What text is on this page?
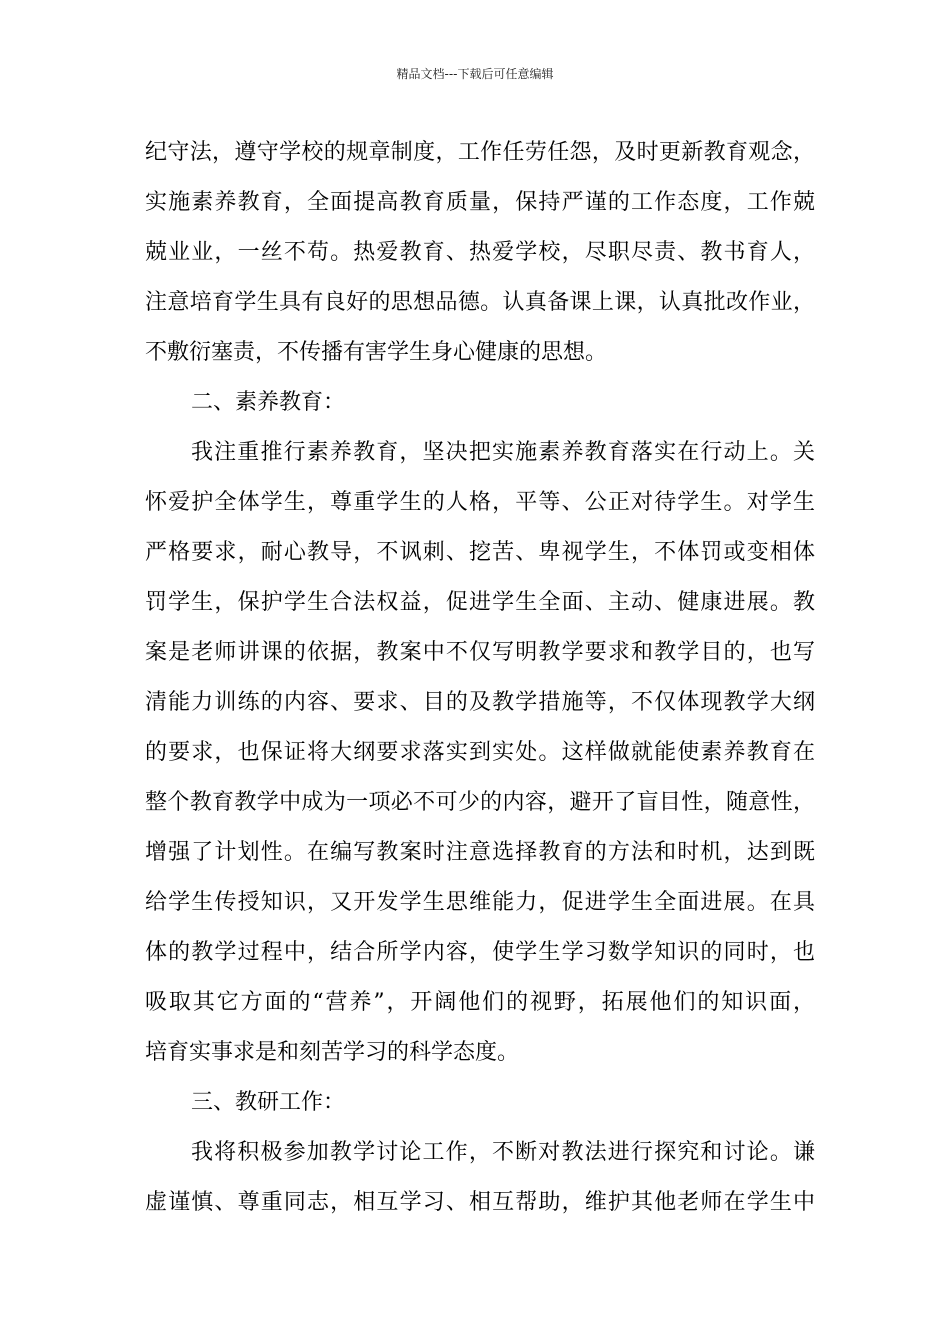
精品文档---下载后可任意编辑
纪守法，遵守学校的规章制度，工作任劳任怨，及时更新教育观念，
实施素养教育，全面提高教育质量，保持严谨的工作态度，工作兢
兢业业，一丝不苟。热爱教育、热爱学校，尽职尽责、教书育人，
注意培育学生具有良好的思想品德。认真备课上课，认真批改作业，
不敷衍塞责，不传播有害学生身心健康的思想。
二、素养教育：
我注重推行素养教育，坚决把实施素养教育落实在行动上。关
怀爱护全体学生，尊重学生的人格，平等、公正对待学生。对学生
严格要求，耐心教导，不讽刺、挖苦、卑视学生，不体罚或变相体
罚学生，保护学生合法权益，促进学生全面、主动、健康进展。教
案是老师讲课的依据，教案中不仅写明教学要求和教学目的，也写
清能力训练的内容、要求、目的及教学措施等，不仅体现教学大纲
的要求，也保证将大纲要求落实到实处。这样做就能使素养教育在
整个教育教学中成为一项必不可少的内容，避开了盲目性，随意性，
增强了计划性。在编写教案时注意选择教育的方法和时机，达到既
给学生传授知识，又开发学生思维能力，促进学生全面进展。在具
体的教学过程中，结合所学内容，使学生学习数学知识的同时，也
吸取其它方面的“营养”，开阔他们的视野，拓展他们的知识面，
培育实事求是和刻苦学习的科学态度。
三、教研工作：
我将积极参加教学讨论工作，不断对教法进行探究和讨论。谦
虚谨慎、尊重同志，相互学习、相互帮助，维护其他老师在学生中
